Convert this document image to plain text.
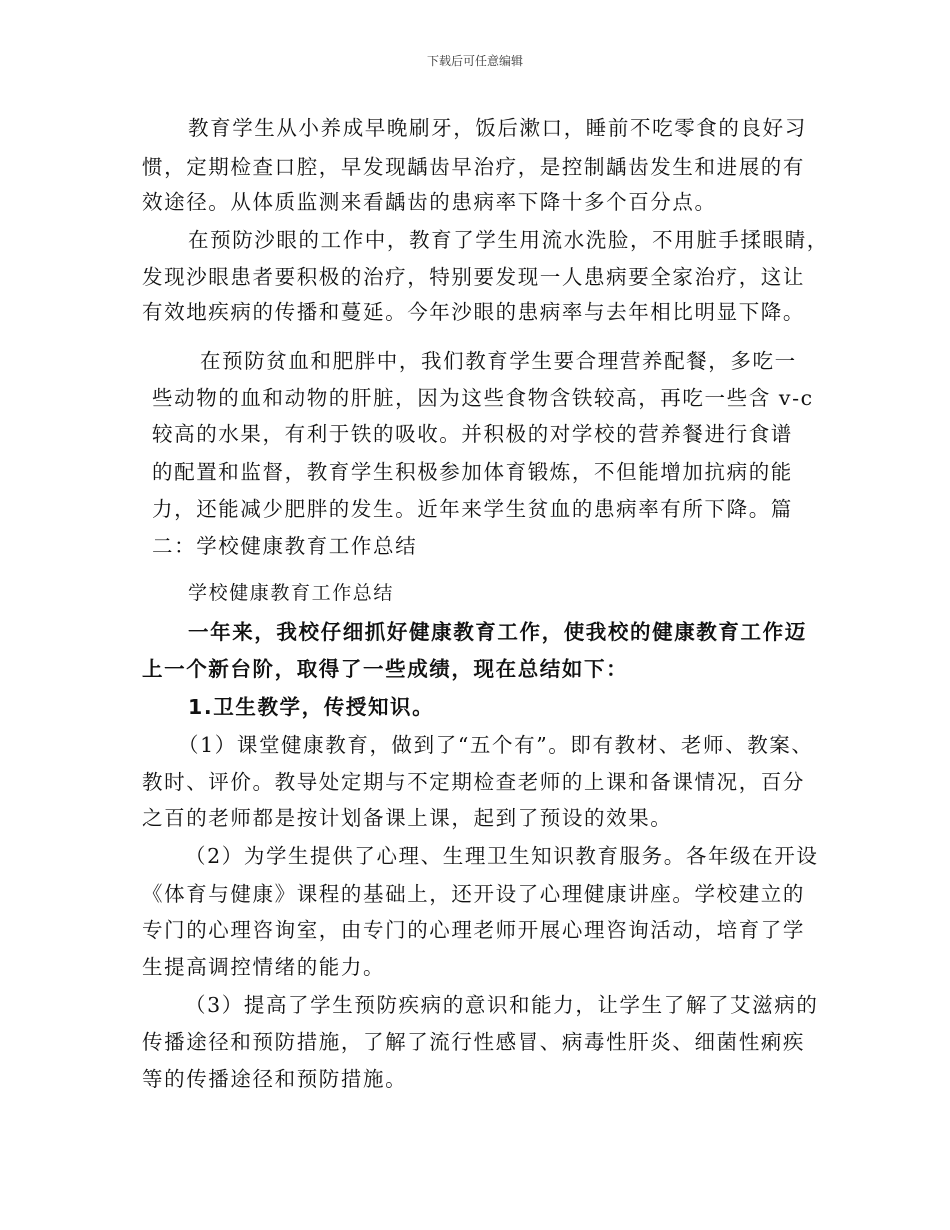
下载后可任意编辑
教育学生从小养成早晚刷牙，饭后漱口，睡前不吃零食的良好习
惯，定期检查口腔，早发现龋齿早治疗，是控制龋齿发生和进展的有
效途径。从体质监测来看龋齿的患病率下降十多个百分点。
在预防沙眼的工作中，教育了学生用流水洗脸，不用脏手揉眼睛，
发现沙眼患者要积极的治疗，特别要发现一人患病要全家治疗，这让
有效地疾病的传播和蔓延。今年沙眼的患病率与去年相比明显下降。
在预防贫血和肥胖中，我们教育学生要合理营养配餐，多吃一
些动物的血和动物的肝脏，因为这些食物含铁较高，再吃一些含 v-c
较高的水果，有利于铁的吸收。并积极的对学校的营养餐进行食谱
的配置和监督，教育学生积极参加体育锻炼，不但能增加抗病的能
力，还能减少肥胖的发生。近年来学生贫血的患病率有所下降。篇
二：学校健康教育工作总结
学校健康教育工作总结
一年来，我校仔细抓好健康教育工作，使我校的健康教育工作迈
上一个新台阶，取得了一些成绩，现在总结如下：
1.卫生教学，传授知识。
（1）课堂健康教育，做到了“五个有”。即有教材、老师、教案、
教时、评价。教导处定期与不定期检查老师的上课和备课情况，百分
之百的老师都是按计划备课上课，起到了预设的效果。
（2）为学生提供了心理、生理卫生知识教育服务。各年级在开设
《体育与健康》课程的基础上，还开设了心理健康讲座。学校建立的
专门的心理咨询室，由专门的心理老师开展心理咨询活动，培育了学
生提高调控情绪的能力。
（3）提高了学生预防疾病的意识和能力，让学生了解了艾滋病的
传播途径和预防措施，了解了流行性感冒、病毒性肝炎、细菌性痢疾
等的传播途径和预防措施。
